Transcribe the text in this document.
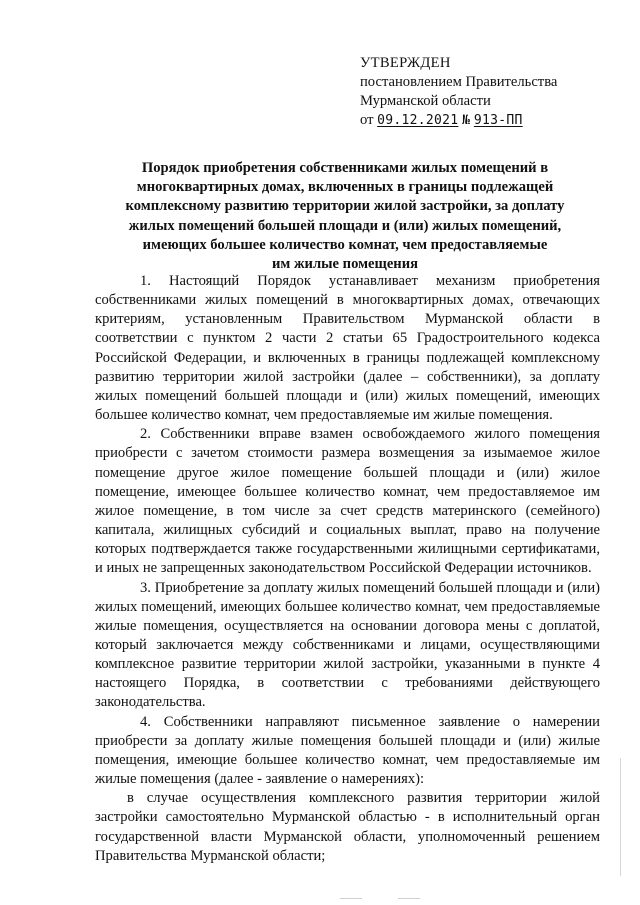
УТВЕРЖДЕН
постановлением Правительства
Мурманской области
от 09.12.2021 № 913-ПП
Порядок приобретения собственниками жилых помещений в
многоквартирных домах, включенных в границы подлежащей
комплексному развитию территории жилой застройки, за доплату
жилых помещений большей площади и (или) жилых помещений,
имеющих большее количество комнат, чем предоставляемые
им жилые помещения

1. Настоящий Порядок устанавливает механизм приобретения собственниками жилых помещений в многоквартирных домах, отвечающих критериям, установленным Правительством Мурманской области в соответствии с пунктом 2 части 2 статьи 65 Градостроительного кодекса Российской Федерации, и включенных в границы подлежащей комплексному развитию территории жилой застройки (далее – собственники), за доплату жилых помещений большей площади и (или) жилых помещений, имеющих большее количество комнат, чем предоставляемые им жилые помещения.

2. Собственники вправе взамен освобождаемого жилого помещения приобрести с зачетом стоимости размера возмещения за изымаемое жилое помещение другое жилое помещение большей площади и (или) жилое помещение, имеющее большее количество комнат, чем предоставляемое им жилое помещение, в том числе за счет средств материнского (семейного) капитала, жилищных субсидий и социальных выплат, право на получение которых подтверждается также государственными жилищными сертификатами, и иных не запрещенных законодательством Российской Федерации источников.

3. Приобретение за доплату жилых помещений большей площади и (или) жилых помещений, имеющих большее количество комнат, чем предоставляемые жилые помещения, осуществляется на основании договора мены с доплатой, который заключается между собственниками и лицами, осуществляющими комплексное развитие территории жилой застройки, указанными в пункте 4 настоящего Порядка, в соответствии с требованиями действующего законодательства.

4. Собственники направляют письменное заявление о намерении приобрести за доплату жилые помещения большей площади и (или) жилые помещения, имеющие большее количество комнат, чем предоставляемые им жилые помещения (далее - заявление о намерениях):

в случае осуществления комплексного развития территории жилой застройки самостоятельно Мурманской областью - в исполнительный орган государственной власти Мурманской области, уполномоченный решением Правительства Мурманской области;
